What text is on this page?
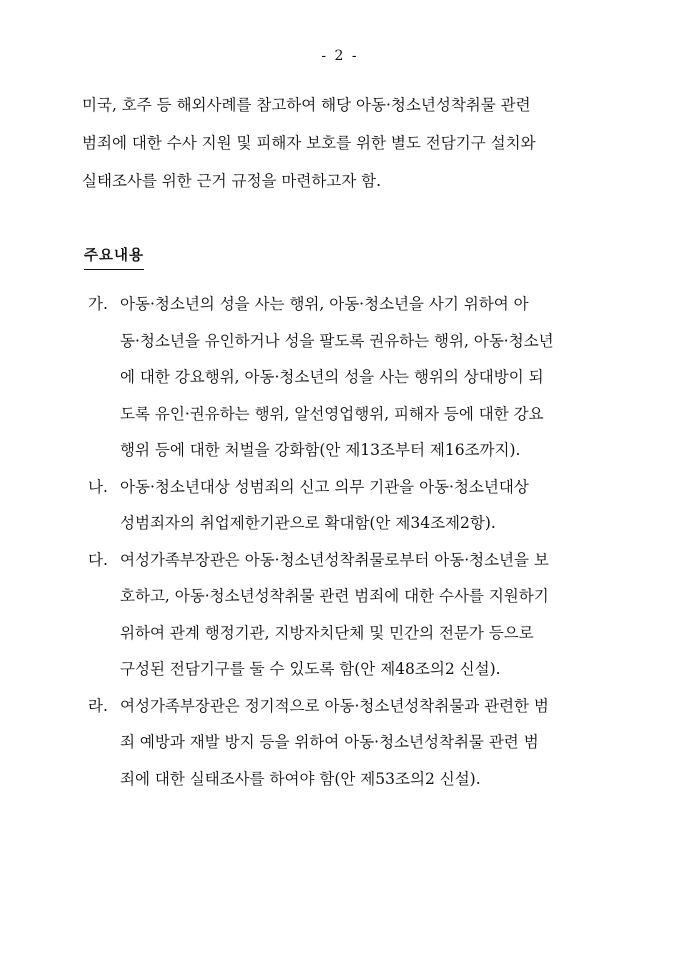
- 2 -

미국, 호주 등 해외사례를 참고하여 해당 아동·청소년성착취물 관련
범죄에 대한 수사 지원 및 피해자 보호를 위한 별도 전담기구 설치와
실태조사를 위한 근거 규정을 마련하고자 함.

주요내용
가. 아동·청소년의 성을 사는 행위, 아동·청소년을 사기 위하여 아
동·청소년을 유인하거나 성을 팔도록 권유하는 행위, 아동·청소년
에 대한 강요행위, 아동·청소년의 성을 사는 행위의 상대방이 되
도록 유인·권유하는 행위, 알선영업행위, 피해자 등에 대한 강요
행위 등에 대한 처벌을 강화함(안 제13조부터 제16조까지).
나. 아동·청소년대상 성범죄의 신고 의무 기관을 아동·청소년대상
성범죄자의 취업제한기관으로 확대함(안 제34조제2항).
다. 여성가족부장관은 아동·청소년성착취물로부터 아동·청소년을 보
호하고, 아동·청소년성착취물 관련 범죄에 대한 수사를 지원하기
위하여 관계 행정기관, 지방자치단체 및 민간의 전문가 등으로
구성된 전담기구를 둘 수 있도록 함(안 제48조의2 신설).
라. 여성가족부장관은 정기적으로 아동·청소년성착취물과 관련한 범
죄 예방과 재발 방지 등을 위하여 아동·청소년성착취물 관련 범
죄에 대한 실태조사를 하여야 함(안 제53조의2 신설).
